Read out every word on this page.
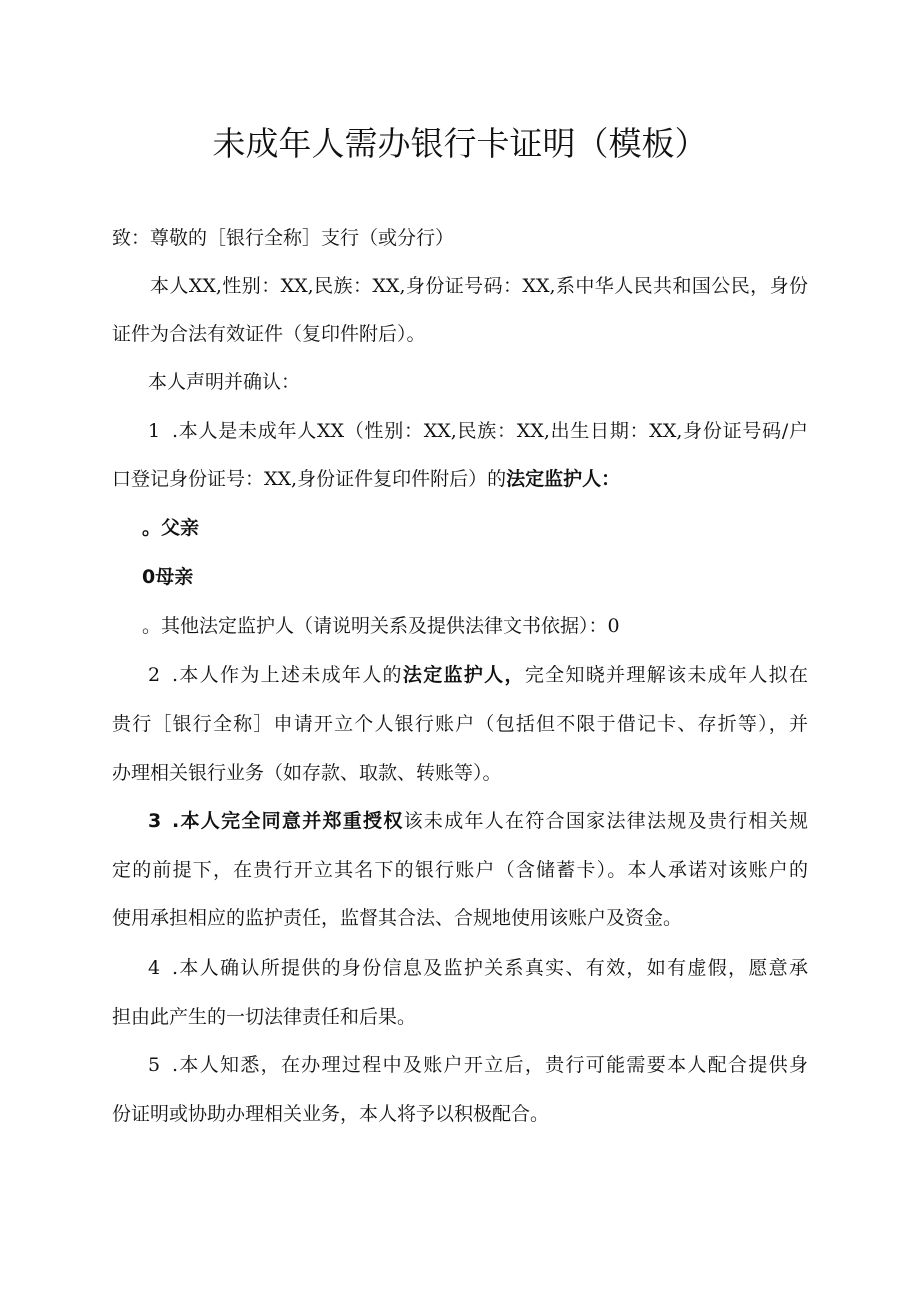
未成年人需办银行卡证明（模板）
致：尊敬的［银行全称］支行（或分行）
本人XX,性别：XX,民族：XX,身份证号码：XX,系中华人民共和国公民，身份
证件为合法有效证件（复印件附后）。
本人声明并确认：
1 .本人是未成年人XX（性别：XX,民族：XX,出生日期：XX,身份证号码/户
口登记身份证号：XX,身份证件复印件附后）的法定监护人：
。父亲
0母亲
。其他法定监护人（请说明关系及提供法律文书依据）：0
2 .本人作为上述未成年人的法定监护人，完全知晓并理解该未成年人拟在
贵行［银行全称］申请开立个人银行账户（包括但不限于借记卡、存折等），并
办理相关银行业务（如存款、取款、转账等）。
3 .本人完全同意并郑重授权该未成年人在符合国家法律法规及贵行相关规
定的前提下，在贵行开立其名下的银行账户（含储蓄卡）。本人承诺对该账户的
使用承担相应的监护责任，监督其合法、合规地使用该账户及资金。
4 .本人确认所提供的身份信息及监护关系真实、有效，如有虚假，愿意承
担由此产生的一切法律责任和后果。
5 .本人知悉，在办理过程中及账户开立后，贵行可能需要本人配合提供身
份证明或协助办理相关业务，本人将予以积极配合。
